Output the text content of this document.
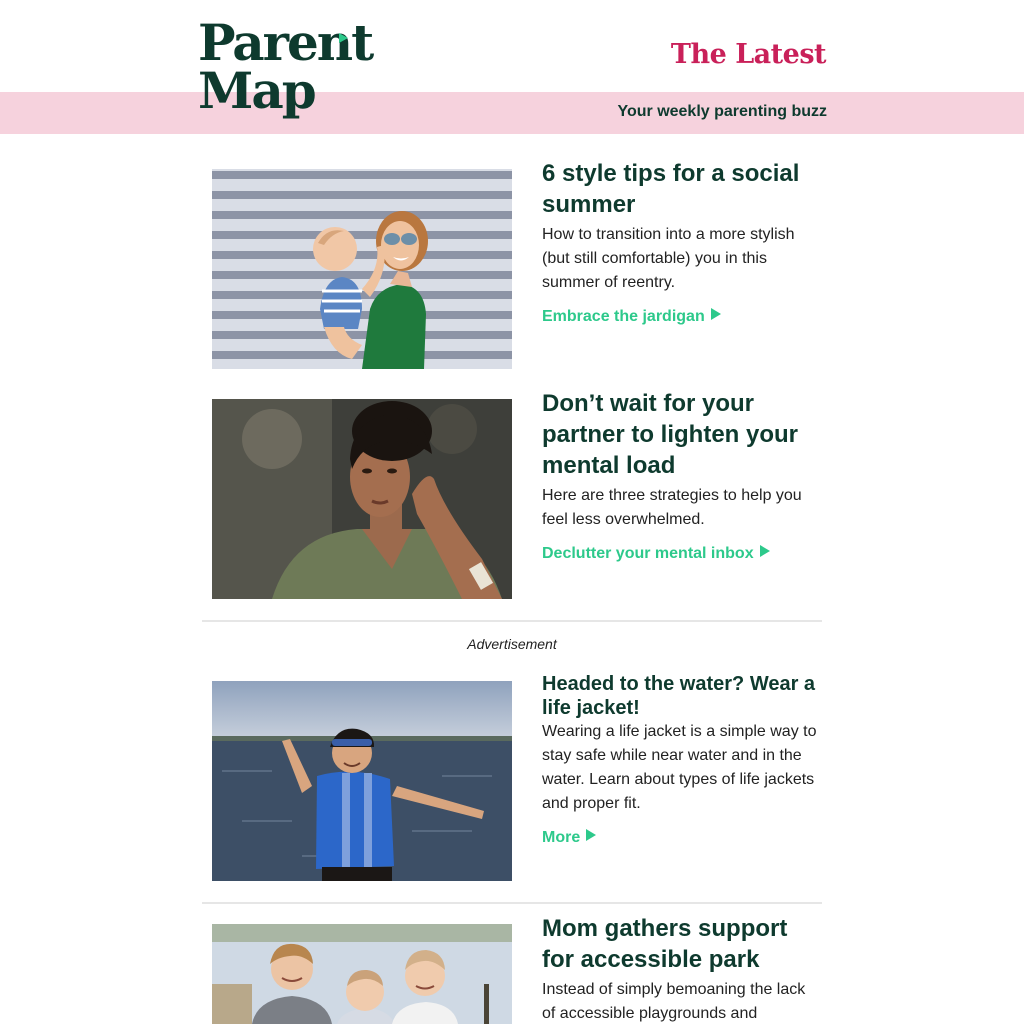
Parent
Map
The Latest
Your weekly parenting buzz
6 style tips for a social summer

How to transition into a more stylish (but still comfortable) you in this summer of reentry.

Embrace the jardigan
Don’t wait for your partner to lighten your mental load

Here are three strategies to help you feel less overwhelmed.

Declutter your mental inbox
Advertisement
Headed to the water? Wear a life jacket!

Wearing a life jacket is a simple way to stay safe while near water and in the water. Learn about types of life jackets and proper fit.

More
Mom gathers support for accessible park

Instead of simply bemoaning the lack of accessible playgrounds and
